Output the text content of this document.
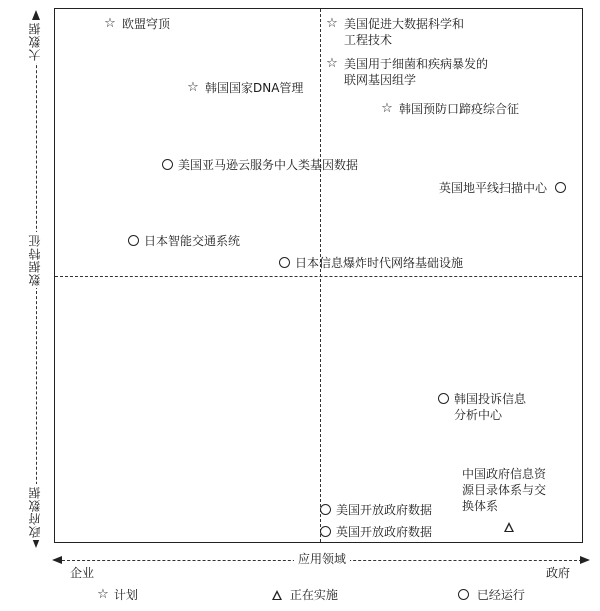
大数据
数据特征
政府数据
应用领域
企业	政府
☆ 欧盟穹顶	☆ 美国促进大数据科学和
工程技术
☆ 美国用于细菌和疾病暴发的
联网基因组学
☆ 韩国国家DNA管理
☆ 韩国预防口蹄疫综合征
美国亚马逊云服务中人类基因数据
英国地平线扫描中心
日本智能交通系统
日本信息爆炸时代网络基础设施
韩国投诉信息
分析中心
中国政府信息资
源目录体系与交
换体系
美国开放政府数据
英国开放政府数据
☆ 计划	正在实施	已经运行
